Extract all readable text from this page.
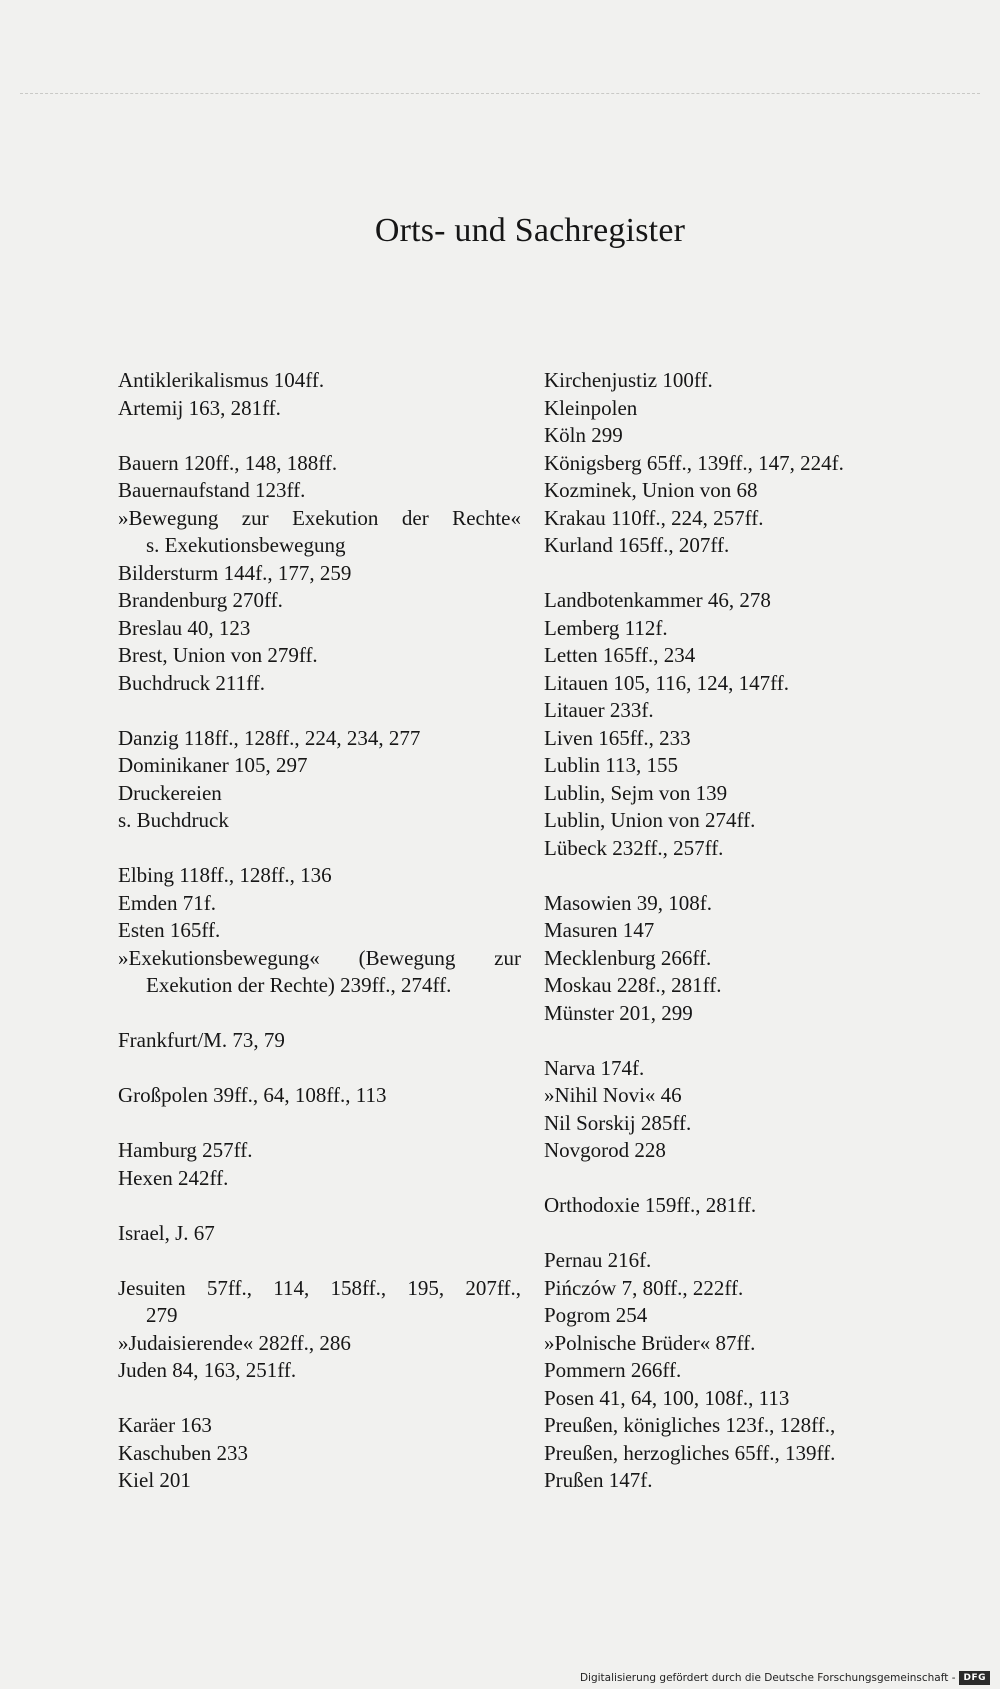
Orts- und Sachregister
Antiklerikalismus 104ff.
Artemij 163, 281ff.
Bauern 120ff., 148, 188ff.
Bauernaufstand 123ff.
»Bewegung zur Exekution der Rechte«
s. Exekutionsbewegung
Bildersturm 144f., 177, 259
Brandenburg 270ff.
Breslau 40, 123
Brest, Union von 279ff.
Buchdruck 211ff.
Danzig 118ff., 128ff., 224, 234, 277
Dominikaner 105, 297
Druckereien
s. Buchdruck
Elbing 118ff., 128ff., 136
Emden 71f.
Esten 165ff.
»Exekutionsbewegung« (Bewegung zur
Exekution der Rechte) 239ff., 274ff.
Frankfurt/M. 73, 79
Großpolen 39ff., 64, 108ff., 113
Hamburg 257ff.
Hexen 242ff.
Israel, J. 67
Jesuiten 57ff., 114, 158ff., 195, 207ff.,
279
»Judaisierende« 282ff., 286
Juden 84, 163, 251ff.
Karäer 163
Kaschuben 233
Kiel 201
Kirchenjustiz 100ff.
Kleinpolen
Köln 299
Königsberg 65ff., 139ff., 147, 224f.
Kozminek, Union von 68
Krakau 110ff., 224, 257ff.
Kurland 165ff., 207ff.
Landbotenkammer 46, 278
Lemberg 112f.
Letten 165ff., 234
Litauen 105, 116, 124, 147ff.
Litauer 233f.
Liven 165ff., 233
Lublin 113, 155
Lublin, Sejm von 139
Lublin, Union von 274ff.
Lübeck 232ff., 257ff.
Masowien 39, 108f.
Masuren 147
Mecklenburg 266ff.
Moskau 228f., 281ff.
Münster 201, 299
Narva 174f.
»Nihil Novi« 46
Nil Sorskij 285ff.
Novgorod 228
Orthodoxie 159ff., 281ff.
Pernau 216f.
Pińczów 7, 80ff., 222ff.
Pogrom 254
»Polnische Brüder« 87ff.
Pommern 266ff.
Posen 41, 64, 100, 108f., 113
Preußen, königliches 123f., 128ff.,
Preußen, herzogliches 65ff., 139ff.
Prußen 147f.
Digitalisierung gefördert durch die Deutsche Forschungsgemeinschaft - DFG
